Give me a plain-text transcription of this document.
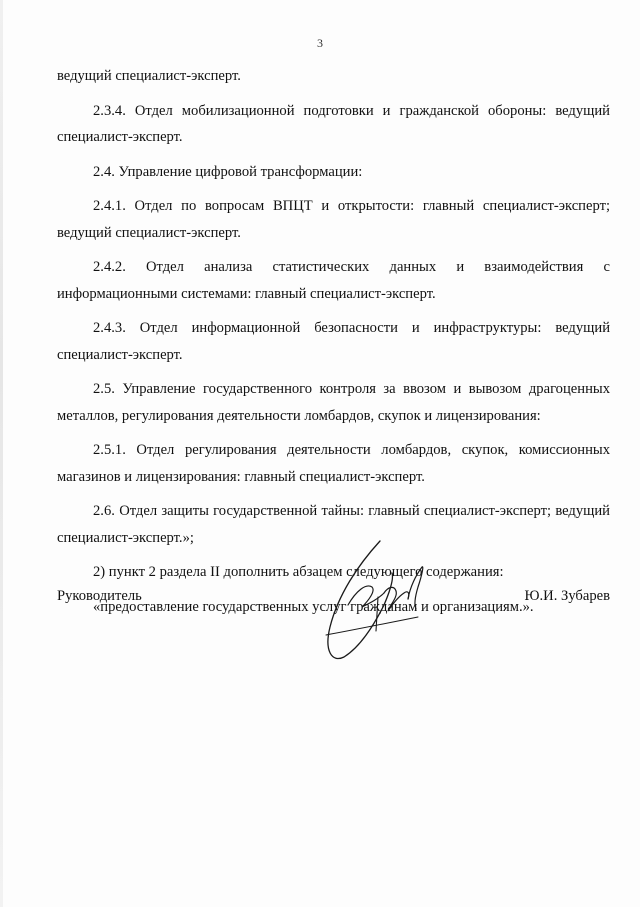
3

ведущий специалист-эксперт.

2.3.4. Отдел мобилизационной подготовки и гражданской обороны: ведущий специалист-эксперт.

2.4. Управление цифровой трансформации:

2.4.1. Отдел по вопросам ВПЦТ и открытости: главный специалист-эксперт; ведущий специалист-эксперт.

2.4.2. Отдел анализа статистических данных и взаимодействия с информационными системами: главный специалист-эксперт.

2.4.3. Отдел информационной безопасности и инфраструктуры: ведущий специалист-эксперт.

2.5. Управление государственного контроля за ввозом и вывозом драгоценных металлов, регулирования деятельности ломбардов, скупок и лицензирования:

2.5.1. Отдел регулирования деятельности ломбардов, скупок, комиссионных магазинов и лицензирования: главный специалист-эксперт.

2.6. Отдел защиты государственной тайны: главный специалист-эксперт; ведущий специалист-эксперт.»;

2) пункт 2 раздела II дополнить абзацем следующего содержания:

«предоставление государственных услуг гражданам и организациям.».

Руководитель	Ю.И. Зубарев
